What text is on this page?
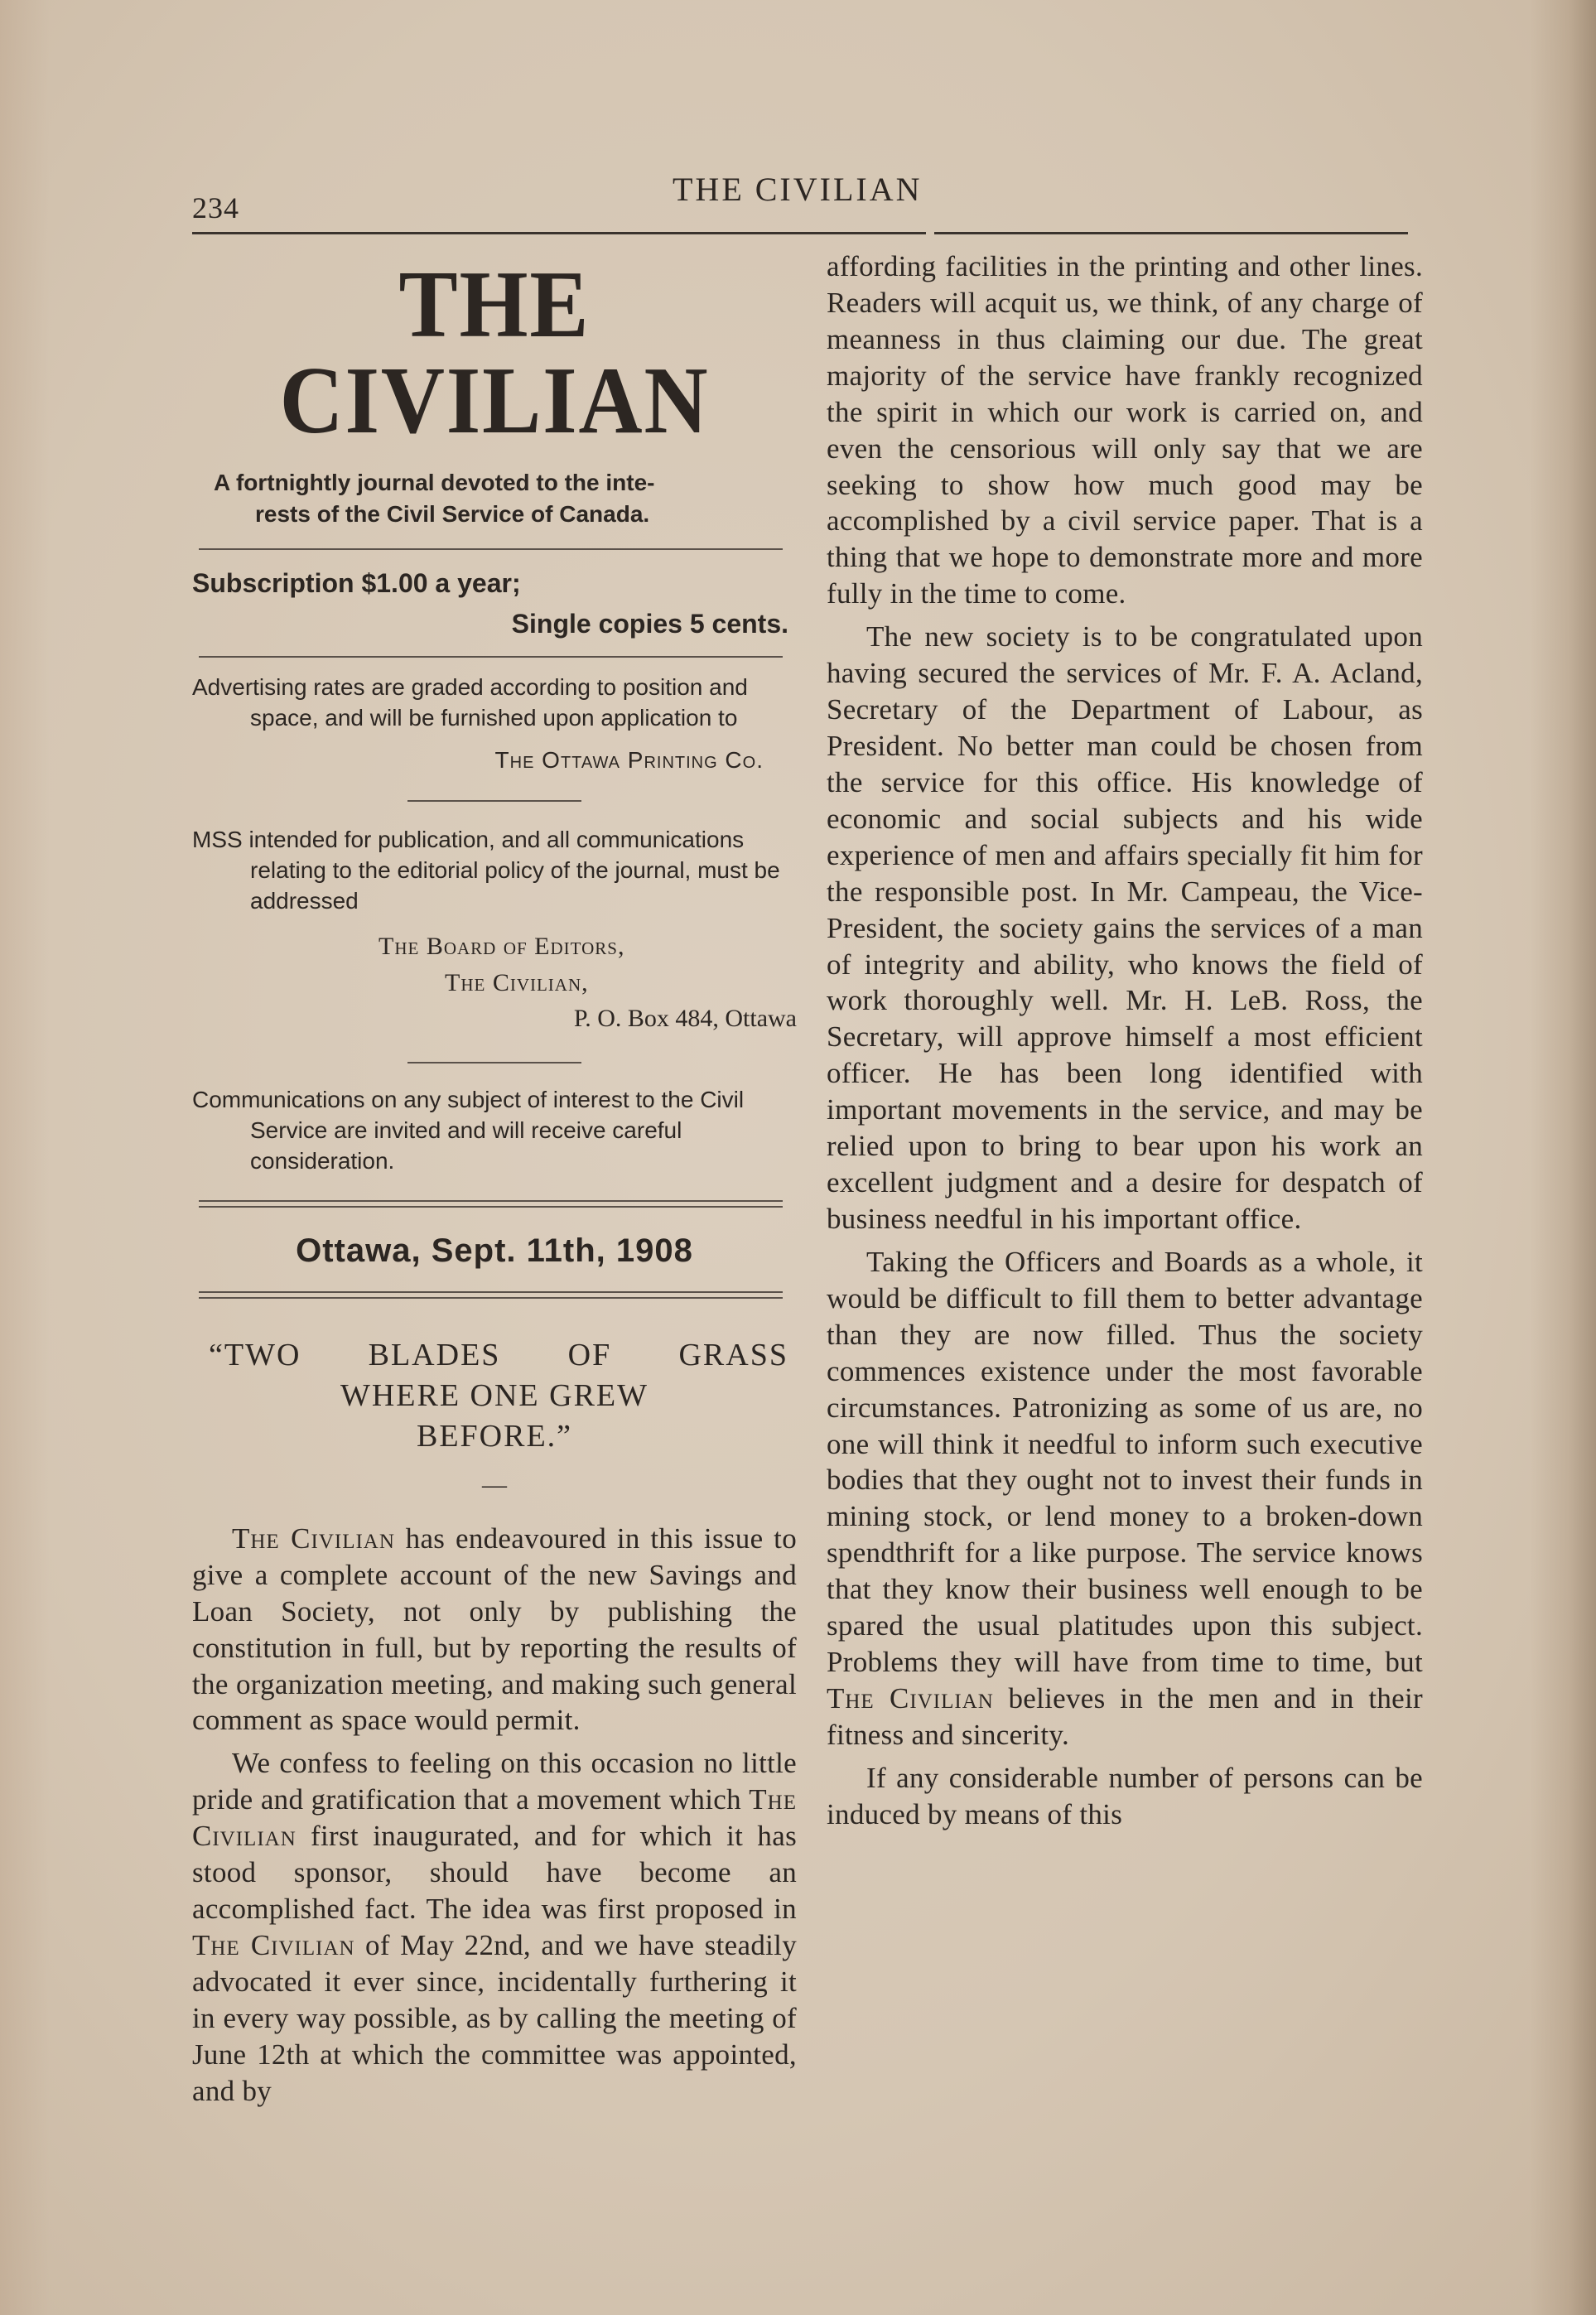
234	THE CIVILIAN
THE CIVILIAN
A fortnightly journal devoted to the inte-
rests of the Civil Service of Canada.
Subscription $1.00 a year;
Single copies 5 cents.

Advertising rates are graded according to position and space, and will be furnished upon application to

The Ottawa Printing Co.

MSS intended for publication, and all communications relating to the editorial policy of the journal, must be addressed

The Board of Editors,
The Civilian,
P. O. Box 484, Ottawa

Communications on any subject of interest to the Civil Service are invited and will receive careful consideration.

Ottawa, Sept. 11th, 1908
“TWO BLADES OF GRASS
WHERE ONE GREW
BEFORE.”
—

The Civilian has endeavoured in this issue to give a complete account of the new Savings and Loan Society, not only by publishing the constitution in full, but by reporting the results of the organization meeting, and making such general comment as space would permit.

We confess to feeling on this occasion no little pride and gratification that a movement which The Civilian first inaugurated, and for which it has stood sponsor, should have become an accomplished fact. The idea was first proposed in The Civilian of May 22nd, and we have steadily advocated it ever since, incidentally furthering it in every way possible, as by calling the meeting of June 12th at which the committee was appointed, and by

affording facilities in the printing and other lines. Readers will acquit us, we think, of any charge of meanness in thus claiming our due. The great majority of the service have frankly recognized the spirit in which our work is carried on, and even the censorious will only say that we are seeking to show how much good may be accomplished by a civil service paper. That is a thing that we hope to demonstrate more and more fully in the time to come.

The new society is to be congratulated upon having secured the services of Mr. F. A. Acland, Secretary of the Department of Labour, as President. No better man could be chosen from the service for this office. His knowledge of economic and social subjects and his wide experience of men and affairs specially fit him for the responsible post. In Mr. Campeau, the Vice-President, the society gains the services of a man of integrity and ability, who knows the field of work thoroughly well. Mr. H. LeB. Ross, the Secretary, will approve himself a most efficient officer. He has been long identified with important movements in the service, and may be relied upon to bring to bear upon his work an excellent judgment and a desire for despatch of business needful in his important office.

Taking the Officers and Boards as a whole, it would be difficult to fill them to better advantage than they are now filled. Thus the society commences existence under the most favorable circumstances. Patronizing as some of us are, no one will think it needful to inform such executive bodies that they ought not to invest their funds in mining stock, or lend money to a broken-down spendthrift for a like purpose. The service knows that they know their business well enough to be spared the usual platitudes upon this subject. Problems they will have from time to time, but The Civilian believes in the men and in their fitness and sincerity.

If any considerable number of persons can be induced by means of this
